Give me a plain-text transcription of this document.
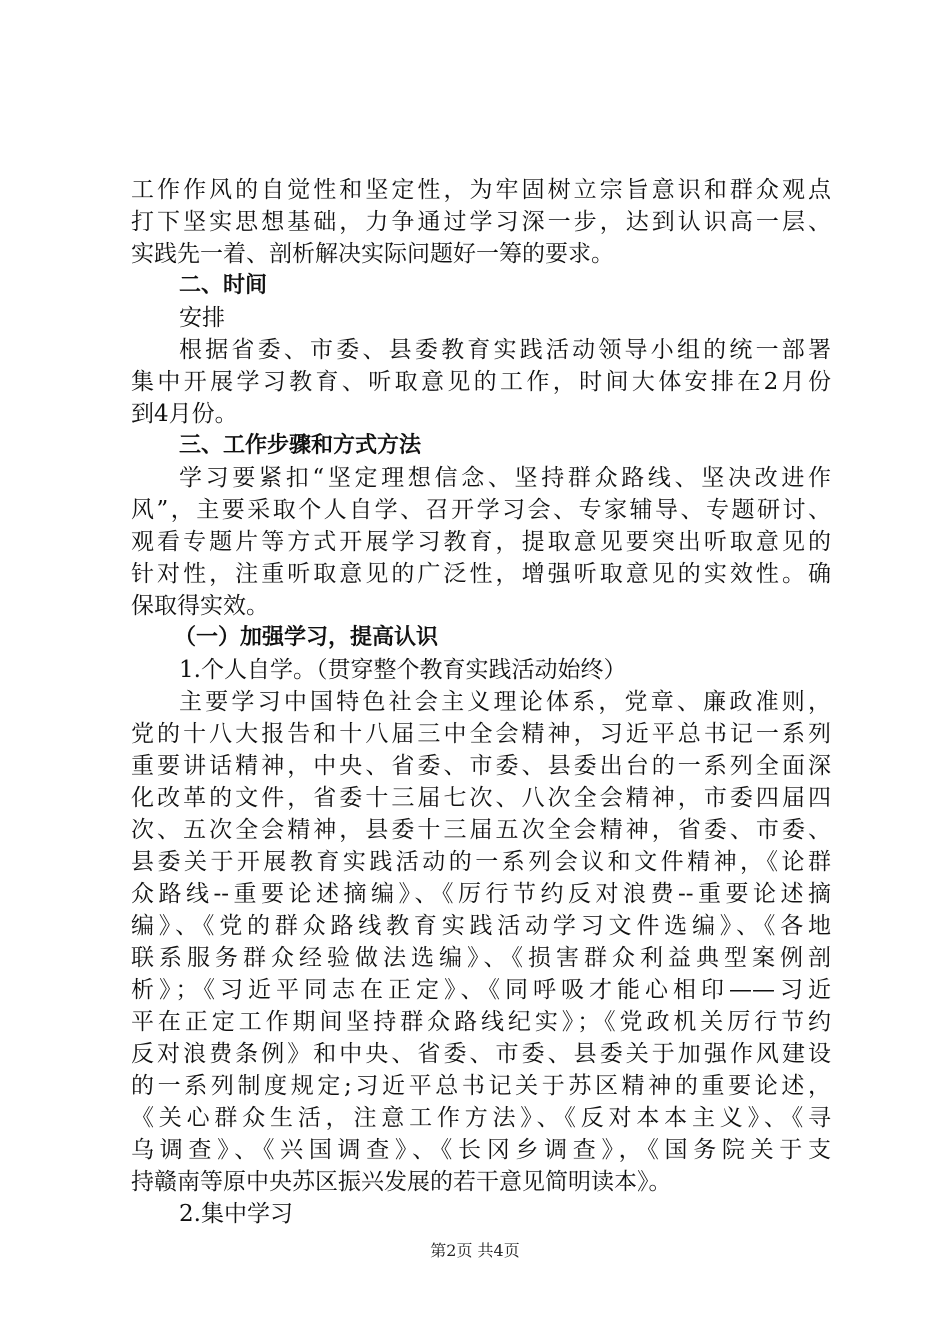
工作作风的自觉性和坚定性，为牢固树立宗旨意识和群众观点
打下坚实思想基础，力争通过学习深一步，达到认识高一层、
实践先一着、剖析解决实际问题好一筹的要求。
二、时间
安排
根据省委、市委、县委教育实践活动领导小组的统一部署
集中开展学习教育、听取意见的工作，时间大体安排在2月份
到4月份。
三、工作步骤和方式方法
学习要紧扣“坚定理想信念、坚持群众路线、坚决改进作
风”，主要采取个人自学、召开学习会、专家辅导、专题研讨、
观看专题片等方式开展学习教育，提取意见要突出听取意见的
针对性，注重听取意见的广泛性，增强听取意见的实效性。确
保取得实效。
（一）加强学习，提高认识
1.个人自学。（贯穿整个教育实践活动始终）
主要学习中国特色社会主义理论体系，党章、廉政准则，
党的十八大报告和十八届三中全会精神，习近平总书记一系列
重要讲话精神，中央、省委、市委、县委出台的一系列全面深
化改革的文件，省委十三届七次、八次全会精神，市委四届四
次、五次全会精神，县委十三届五次全会精神，省委、市委、
县委关于开展教育实践活动的一系列会议和文件精神，《论群
众路线--重要论述摘编》、《厉行节约反对浪费--重要论述摘
编》、《党的群众路线教育实践活动学习文件选编》、《各地
联系服务群众经验做法选编》、《损害群众利益典型案例剖
析》；《习近平同志在正定》、《同呼吸才能心相印——习近
平在正定工作期间坚持群众路线纪实》；《党政机关厉行节约
反对浪费条例》和中央、省委、市委、县委关于加强作风建设
的一系列制度规定;习近平总书记关于苏区精神的重要论述，
《关心群众生活，注意工作方法》、《反对本本主义》、《寻
乌调查》、《兴国调查》、《长冈乡调查》，《国务院关于支
持赣南等原中央苏区振兴发展的若干意见简明读本》。
2.集中学习
第2页 共4页
